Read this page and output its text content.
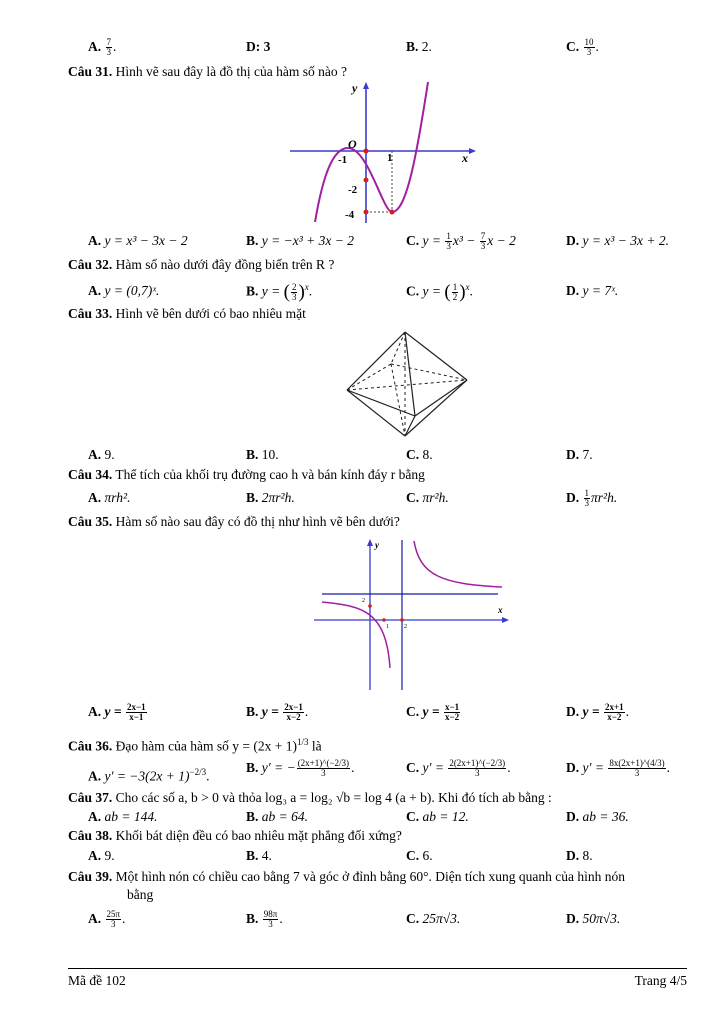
A. $\frac{7}{3}$ .	D: 3	B. 2.	C. $\frac{10}{3}$ .
Câu 31. Hình vẽ sau đây là đồ thị của hàm số nào ?
y
x
O
-1	1
-2
-4
A. y = x³ − 3x − 2	B. y = −x³ + 3x − 2	C. $y = \frac{1}{3} x^3 - \frac{7}{3}$ x − 2	D. y = x³ − 3x + 2.
Câu 32. Hàm số nào dưới đây đồng biến trên R ?
A. y = (0,7)ˣ.	B. y = ( $\frac{2}{3} )^x$.	C. y = ( $\frac{1}{2} )^x$.	D. y = 7ˣ.
Câu 33. Hình vẽ bên dưới có bao nhiêu mặt
A. 9.	B. 10.	C. 8.	D. 7.
Câu 34. Thể tích của khối trụ đường cao h và bán kính đáy r bằng
A. πrh².	B. 2πr²h.	C. πr²h.	D. $\frac{1}{3} \pi r^2h$.
Câu 35. Hàm số nào sau đây có đồ thị như hình vẽ bên dưới?
y
x
2
1	2
A. $y = \frac{2x-1}{x-1}$	B. $y = \frac{2x-1}{x-2}$ .	C. $y = \frac{x-1}{x-2}$	D. $y = \frac{2x+1}{x-2}$ .
Câu 36. Đạo hàm của hàm số $y = (2x + 1)^{1/3}$ là
A. $y' = -3(2x + 1)^{-2/3}$.
B. y′ = − $\frac{(2x+1)\^{}(-2/3)}{3}$ .	C. $y' = \frac{2(2x+1)\^{}(-2/3)}{3}$ .	D. $y' = \frac{8x(2x+1)\^{}(4/3)}{3}$ .
Câu 37. Cho các số a, b > 0 và thỏa log₃ a = log₂ √b = log 4 (a + b). Khi đó tích ab bằng :
A. ab = 144.	B. ab = 64.	C. ab = 12.	D. ab = 36.
Câu 38. Khối bát diện đều có bao nhiêu mặt phẳng đối xứng?
A. 9.	B. 4.	C. 6.	D. 8.
Câu 39. Một hình nón có chiều cao bằng 7 và góc ở đỉnh bằng 60°. Diện tích xung quanh của hình nón
bằng
A. $\frac{25\pi}{3}$ .	B. $\frac{98\pi}{3}$ .	C. 25π√3.	D. 50π√3.
Mã đề 102	Trang 4/5
